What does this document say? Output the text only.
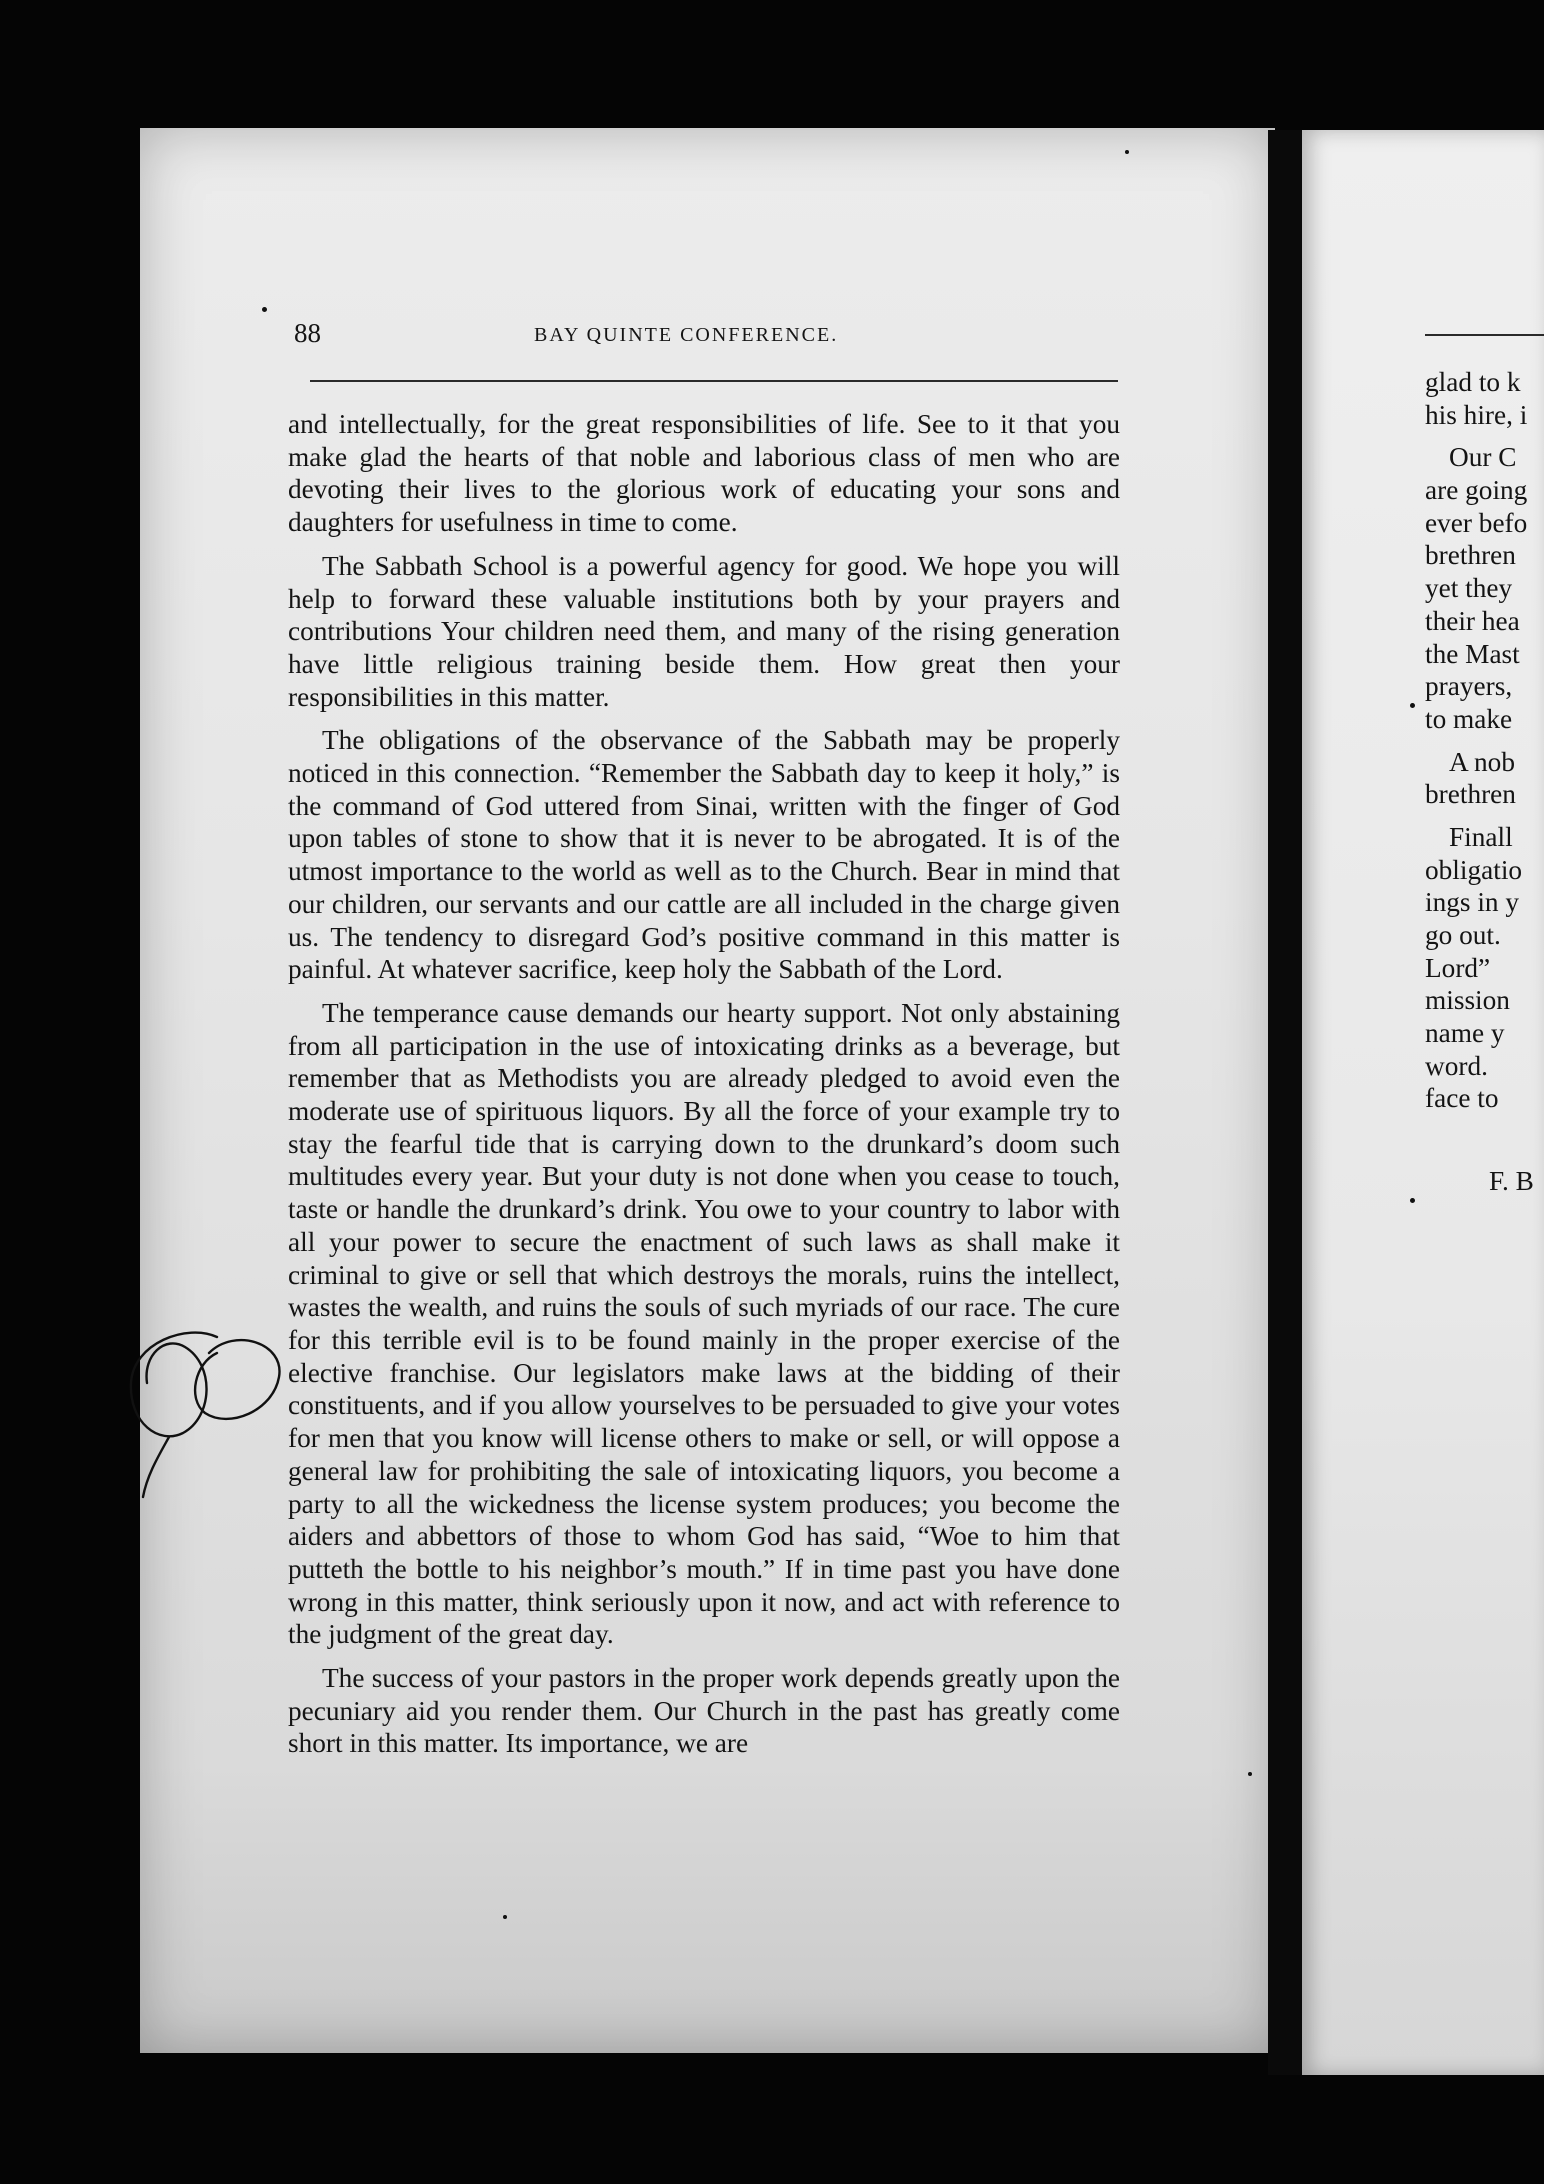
88	BAY QUINTE CONFERENCE.

and intellectually, for the great responsibilities of life. See to it that you make glad the hearts of that noble and laborious class of men who are devoting their lives to the glorious work of educating your sons and daughters for usefulness in time to come.

The Sabbath School is a powerful agency for good. We hope you will help to forward these valuable institutions both by your prayers and contributions Your children need them, and many of the rising generation have little religious training beside them. How great then your responsibilities in this matter.

The obligations of the observance of the Sabbath may be properly noticed in this connection. “Remember the Sabbath day to keep it holy,” is the command of God uttered from Sinai, written with the finger of God upon tables of stone to show that it is never to be abrogated. It is of the utmost importance to the world as well as to the Church. Bear in mind that our children, our servants and our cattle are all included in the charge given us. The tendency to disregard God’s positive command in this matter is painful. At whatever sacrifice, keep holy the Sabbath of the Lord.

The temperance cause demands our hearty support. Not only abstaining from all participation in the use of intoxicating drinks as a beverage, but remember that as Methodists you are already pledged to avoid even the moderate use of spirituous liquors. By all the force of your example try to stay the fearful tide that is carrying down to the drunkard’s doom such multitudes every year. But your duty is not done when you cease to touch, taste or handle the drunkard’s drink. You owe to your country to labor with all your power to secure the enactment of such laws as shall make it criminal to give or sell that which destroys the morals, ruins the intellect, wastes the wealth, and ruins the souls of such myriads of our race. The cure for this terrible evil is to be found mainly in the proper exercise of the elective franchise. Our legislators make laws at the bidding of their constituents, and if you allow yourselves to be persuaded to give your votes for men that you know will license others to make or sell, or will oppose a general law for prohibiting the sale of intoxicating liquors, you become a party to all the wickedness the license system produces; you become the aiders and abbettors of those to whom God has said, “Woe to him that putteth the bottle to his neighbor’s mouth.” If in time past you have done wrong in this matter, think seriously upon it now, and act with reference to the judgment of the great day.

The success of your pastors in the proper work depends greatly upon the pecuniary aid you render them. Our Church in the past has greatly come short in this matter. Its importance, we are

glad to k
his hire, i
Our C
are going
ever befo
brethren
yet they
their hea
the Mast
prayers,
to make
A nob
brethren
Finall
obligatio
ings in y
go out.
Lord”
mission
name y
word.
face to
F. B
